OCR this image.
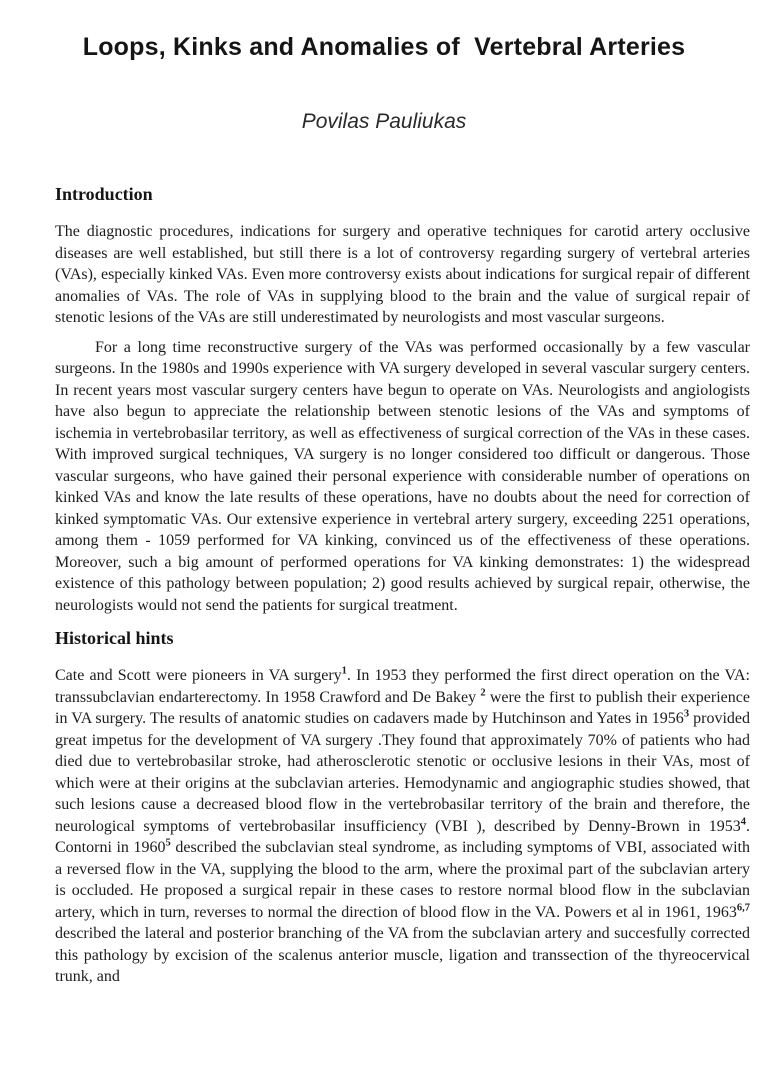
Loops, Kinks and Anomalies of  Vertebral Arteries
Povilas Pauliukas
Introduction

The diagnostic procedures, indications for surgery and operative techniques for carotid artery occlusive diseases are well established, but still there is a lot of controversy regarding surgery of vertebral arteries (VAs), especially kinked VAs. Even more controversy exists about indications for surgical repair of different anomalies of VAs. The role of VAs in supplying blood to the brain and the value of surgical repair of stenotic lesions of the VAs are still underestimated by neurologists and most vascular surgeons.

For a long time reconstructive surgery of the VAs was performed occasionally by a few vascular surgeons. In the 1980s and 1990s experience with VA surgery developed in several vascular surgery centers. In recent years most vascular surgery centers have begun to operate on VAs. Neurologists and angiologists have also begun to appreciate the relationship between stenotic lesions of the VAs and symptoms of ischemia in vertebrobasilar territory, as well as effectiveness of surgical correction of the VAs in these cases. With improved surgical techniques, VA surgery is no longer considered too difficult or dangerous. Those vascular surgeons, who have gained their personal experience with considerable number of operations on kinked VAs and know the late results of these operations, have no doubts about the need for correction of kinked symptomatic VAs. Our extensive experience in vertebral artery surgery, exceeding 2251 operations, among them - 1059 performed for VA kinking, convinced us of the effectiveness of these operations. Moreover, such a big amount of performed operations for VA kinking demonstrates: 1) the widespread existence of this pathology between population; 2) good results achieved by surgical repair, otherwise, the neurologists would not send the patients for surgical treatment.

Historical hints

Cate and Scott were pioneers in VA surgery$^1$. In 1953 they performed the first direct operation on the VA: transsubclavian endarterectomy. In 1958 Crawford and De Bakey $^2$ were the first to publish their experience in VA surgery. The results of anatomic studies on cadavers made by Hutchinson and Yates in 1956$^3$ provided great impetus for the development of VA surgery .They found that approximately 70% of patients who had died due to vertebrobasilar stroke, had atherosclerotic stenotic or occlusive lesions in their VAs, most of which were at their origins at the subclavian arteries. Hemodynamic and angiographic studies showed, that such lesions cause a decreased blood flow in the vertebrobasilar territory of the brain and therefore, the neurological symptoms of vertebrobasilar insufficiency (VBI ), described by Denny-Brown in 1953$^4$. Contorni in 1960$^5$ described the subclavian steal syndrome, as including symptoms of VBI, associated with a reversed flow in the VA, supplying the blood to the arm, where the proximal part of the subclavian artery is occluded. He proposed a surgical repair in these cases to restore normal blood flow in the subclavian artery, which in turn, reverses to normal the direction of blood flow in the VA. Powers et al in 1961, 1963$^{6,7}$ described the lateral and posterior branching of the VA from the subclavian artery and succesfully corrected this pathology by excision of the scalenus anterior muscle, ligation and transsection of the thyreocervical trunk, and
